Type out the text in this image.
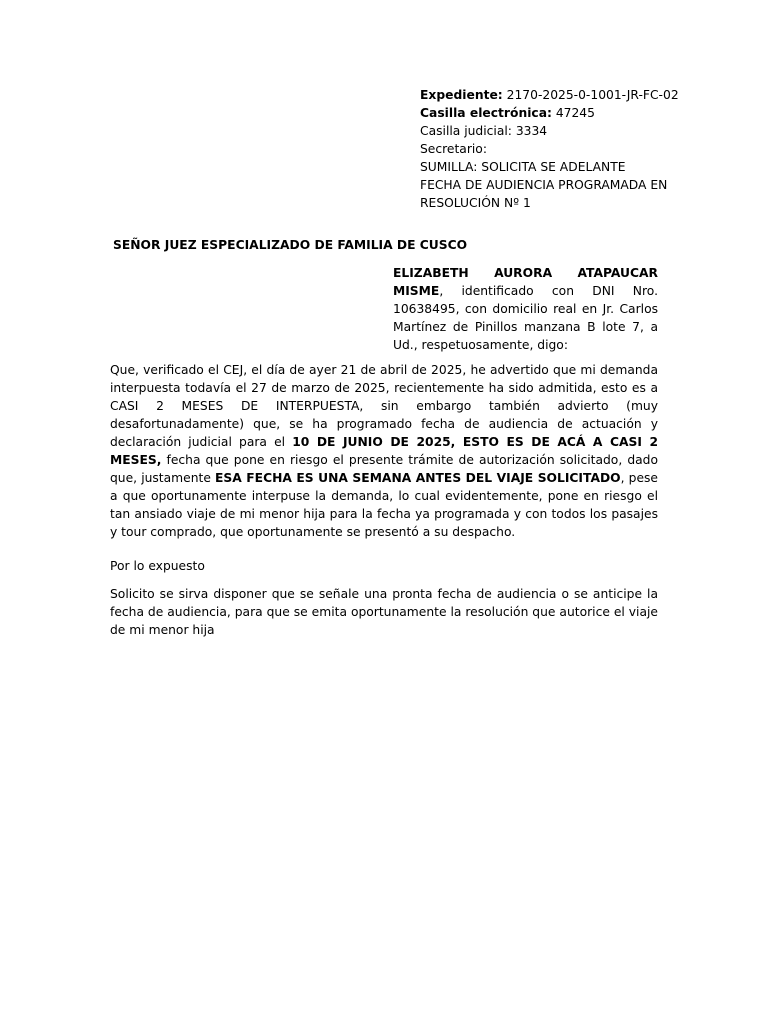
Expediente: 2170-2025-0-1001-JR-FC-02
Casilla electrónica: 47245
Casilla judicial: 3334
Secretario:
SUMILLA: SOLICITA SE ADELANTE FECHA DE AUDIENCIA PROGRAMADA EN RESOLUCIÓN Nº 1
SEÑOR JUEZ ESPECIALIZADO DE FAMILIA DE CUSCO
ELIZABETH AURORA ATAPAUCAR MISME, identificado con DNI Nro. 10638495, con domicilio real en Jr. Carlos Martínez de Pinillos manzana B lote 7, a Ud., respetuosamente, digo:
Que, verificado el CEJ, el día de ayer 21 de abril de 2025, he advertido que mi demanda interpuesta todavía el 27 de marzo de 2025, recientemente ha sido admitida, esto es a CASI 2 MESES DE INTERPUESTA, sin embargo también advierto (muy desafortunadamente) que, se ha programado fecha de audiencia de actuación y declaración judicial para el 10 DE JUNIO DE 2025, ESTO ES DE ACÁ A CASI 2 MESES, fecha que pone en riesgo el presente trámite de autorización solicitado, dado que, justamente ESA FECHA ES UNA SEMANA ANTES DEL VIAJE SOLICITADO, pese a que oportunamente interpuse la demanda, lo cual evidentemente, pone en riesgo el tan ansiado viaje de mi menor hija para la fecha ya programada y con todos los pasajes y tour comprado, que oportunamente se presentó a su despacho.
Por lo expuesto
Solicito se sirva disponer que se señale una pronta fecha de audiencia o se anticipe la fecha de audiencia, para que se emita oportunamente la resolución que autorice el viaje de mi menor hija
